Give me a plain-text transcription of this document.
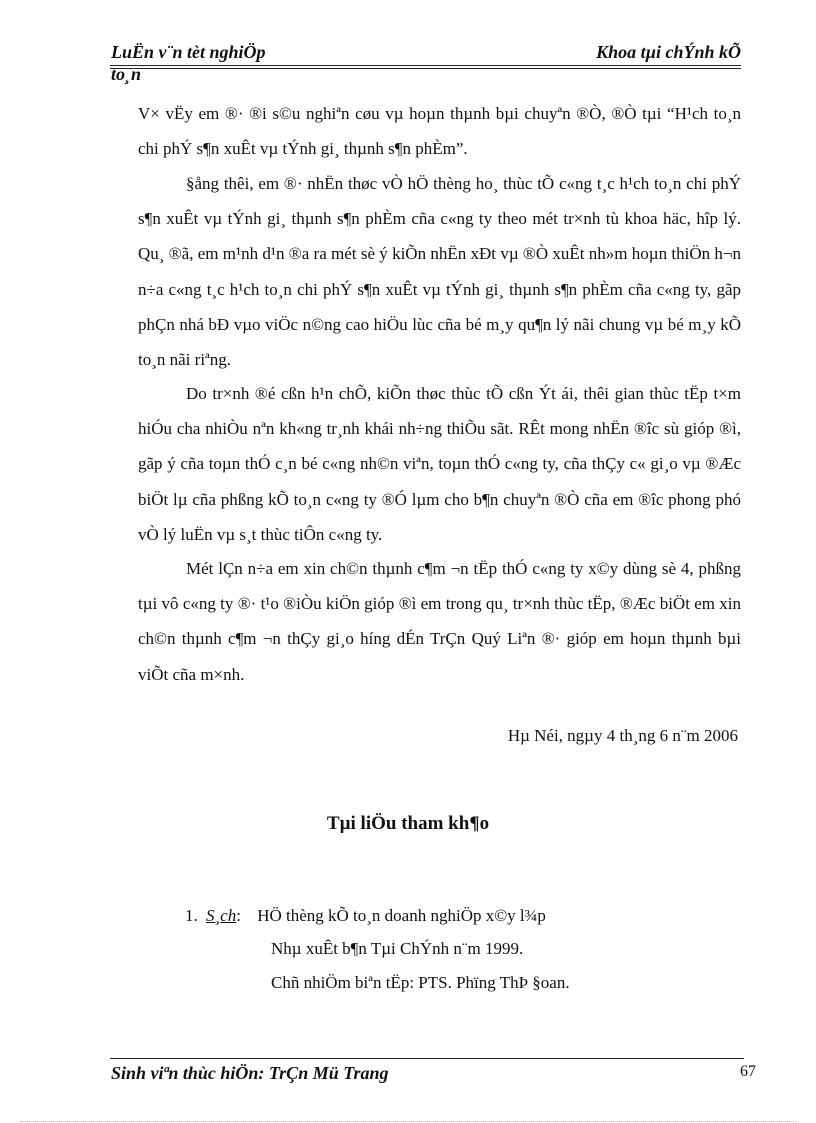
LuËn v¨n tèt nghiÖp
to¸n
Khoa tµi chÝnh kÕ
V× vËy em ®· ®i s©u nghiªn cøu vµ hoµn thµnh bµi chuyªn ®Ò, ®Ò tµi “H¹ch to¸n chi phÝ s¶n xuÊt vµ tÝnh gi¸ thµnh s¶n phÈm”.
§ång thêi, em ®· nhËn thøc vÒ hÖ thèng ho¸ thùc tÕ c«ng t¸c h¹ch to¸n chi phÝ s¶n xuÊt vµ tÝnh gi¸ thµnh s¶n phÈm cña c«ng ty theo mét tr×nh tù khoa häc, hîp lý. Qu¸ ®ã, em m¹nh d¹n ®a ra mét sè ý kiÕn nhËn xÐt vµ ®Ò xuÊt nh»m hoµn thiÖn h¬n n÷a c«ng t¸c h¹ch to¸n chi phÝ s¶n xuÊt vµ tÝnh gi¸ thµnh s¶n phÈm cña c«ng ty, gãp phÇn nhá bÐ vµo viÖc n©ng cao hiÖu lùc cña bé m¸y qu¶n lý nãi chung vµ bé m¸y kÕ to¸n nãi riªng.
Do tr×nh ®é cßn h¹n chÕ, kiÕn thøc thùc tÕ cßn Ýt ái, thêi gian thùc tËp t×m hiÓu cha nhiÒu nªn kh«ng tr¸nh khái nh÷ng thiÕu sãt. RÊt mong nhËn ®îc sù gióp ®ì, gãp ý cña toµn thÓ c¸n bé c«ng nh©n viªn, toµn thÓ c«ng ty, cña thÇy c« gi¸o vµ ®Æc biÖt lµ cña phßng kÕ to¸n c«ng ty ®Ó lµm cho b¶n chuyªn ®Ò cña em ®îc phong phó vÒ lý luËn vµ s¸t thùc tiÔn c«ng ty.
Mét lÇn n÷a em xin ch©n thµnh c¶m ¬n tËp thÓ c«ng ty x©y dùng sè 4, phßng tµi vô c«ng ty ®· t¹o ®iÒu kiÖn gióp ®ì em trong qu¸ tr×nh thùc tËp, ®Æc biÖt em xin ch©n thµnh c¶m ¬n thÇy gi¸o híng dÉn TrÇn Quý Liªn ®· gióp em hoµn thµnh bµi viÕt cña m×nh.
Hµ Néi, ngµy 4 th¸ng 6 n¨m 2006
Tµi liÖu tham kh¶o
1. S¸ch: HÖ thèng kÕ to¸n doanh nghiÖp x©y l¾p
Nhµ xuÊt b¶n Tµi ChÝnh n¨m 1999.
Chñ nhiÖm biªn tËp: PTS. Phïng ThÞ §oan.
Sinh viªn thùc hiÖn: TrÇn Mü Trang	67
